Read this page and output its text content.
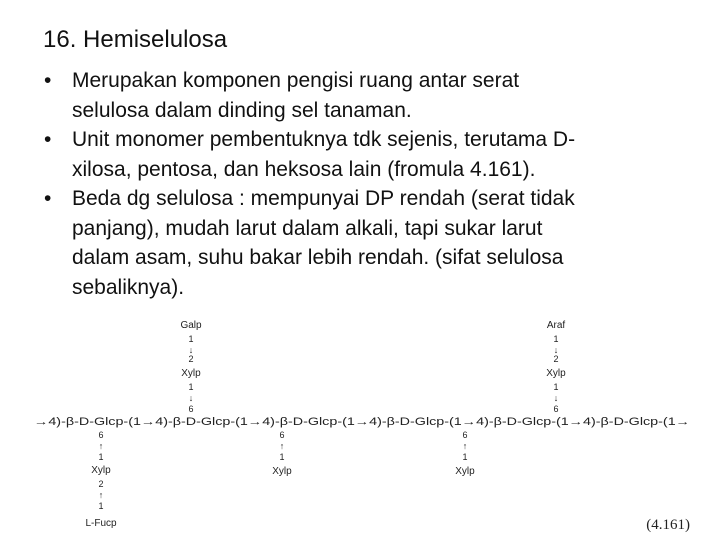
16. Hemiselulosa
• Merupakan komponen pengisi ruang antar serat
selulosa dalam dinding sel tanaman.
• Unit monomer pembentuknya tdk sejenis, terutama D-
xilosa, pentosa, dan heksosa lain (fromula 4.161).
• Beda dg selulosa : mempunyai DP rendah (serat tidak
panjang), mudah larut dalam alkali, tapi sukar larut
dalam asam, suhu bakar lebih rendah. (sifat selulosa
sebaliknya).
→4)-β-D-Glcp-(1→4)-β-D-Glcp-(1→4)-β-D-Glcp-(1→4)-β-D-Glcp-(1→4)-β-D-Glcp-(1→4)-β-D-Glcp-(1→
Galp
1
↓
2
Xylp
1
↓
6
Araf
1
↓
2
Xylp
1
↓
6
6
↑
1
Xylp
2
↑
1
L-Fucp
6
↑
1
Xylp
6
↑
1
Xylp
(4.161)
